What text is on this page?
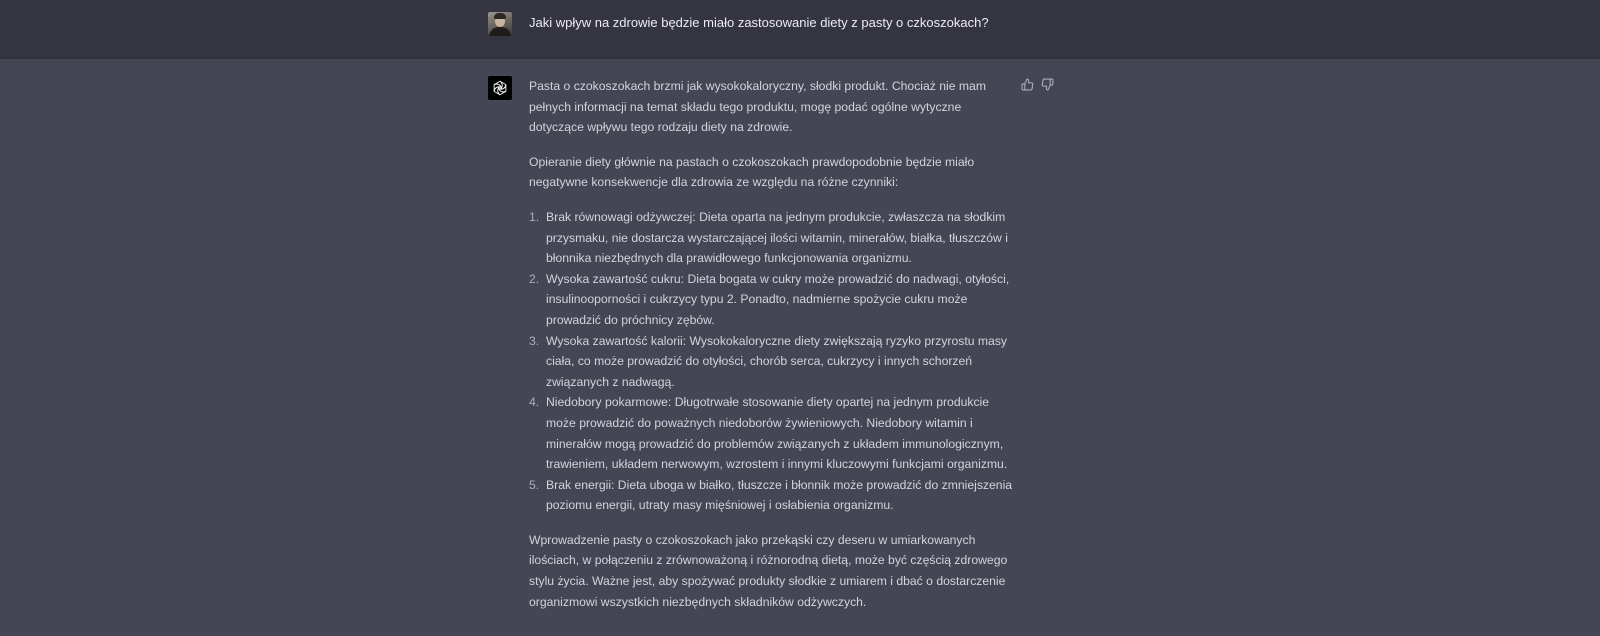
Jaki wpływ na zdrowie będzie miało zastosowanie diety z pasty o czkoszokach?

Pasta o czokoszokach brzmi jak wysokokaloryczny, słodki produkt. Chociaż nie mam pełnych informacji na temat składu tego produktu, mogę podać ogólne wytyczne dotyczące wpływu tego rodzaju diety na zdrowie.

Opieranie diety głównie na pastach o czokoszokach prawdopodobnie będzie miało negatywne konsekwencje dla zdrowia ze względu na różne czynniki:

1. Brak równowagi odżywczej: Dieta oparta na jednym produkcie, zwłaszcza na słodkim przysmaku, nie dostarcza wystarczającej ilości witamin, minerałów, białka, tłuszczów i błonnika niezbędnych dla prawidłowego funkcjonowania organizmu.
2. Wysoka zawartość cukru: Dieta bogata w cukry może prowadzić do nadwagi, otyłości, insulinooporności i cukrzycy typu 2. Ponadto, nadmierne spożycie cukru może prowadzić do próchnicy zębów.
3. Wysoka zawartość kalorii: Wysokokaloryczne diety zwiększają ryzyko przyrostu masy ciała, co może prowadzić do otyłości, chorób serca, cukrzycy i innych schorzeń związanych z nadwagą.
4. Niedobory pokarmowe: Długotrwałe stosowanie diety opartej na jednym produkcie może prowadzić do poważnych niedoborów żywieniowych. Niedobory witamin i minerałów mogą prowadzić do problemów związanych z układem immunologicznym, trawieniem, układem nerwowym, wzrostem i innymi kluczowymi funkcjami organizmu.
5. Brak energii: Dieta uboga w białko, tłuszcze i błonnik może prowadzić do zmniejszenia poziomu energii, utraty masy mięśniowej i osłabienia organizmu.

Wprowadzenie pasty o czokoszokach jako przekąski czy deseru w umiarkowanych ilościach, w połączeniu z zrównoważoną i różnorodną dietą, może być częścią zdrowego stylu życia. Ważne jest, aby spożywać produkty słodkie z umiarem i dbać o dostarczenie organizmowi wszystkich niezbędnych składników odżywczych.
